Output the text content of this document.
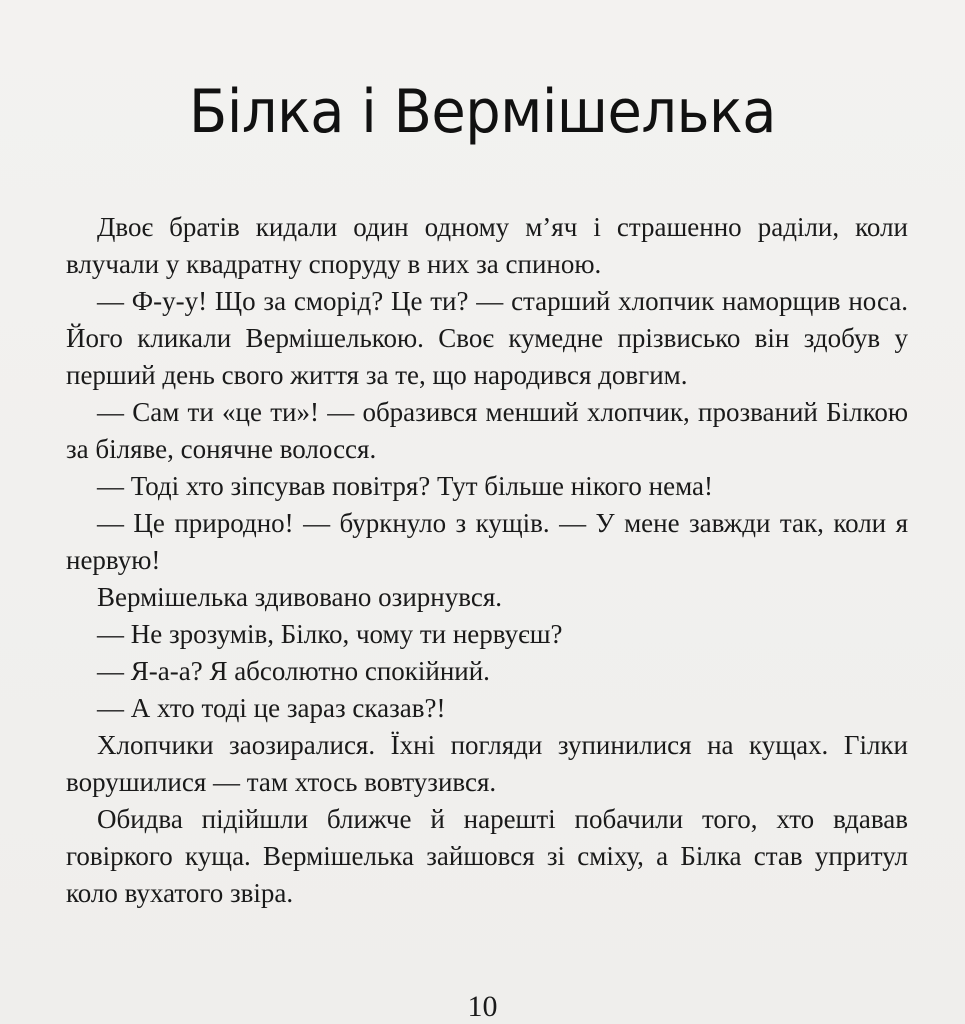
Білка і Вермішелька

Двоє братів кидали один одному м’яч і страшенно раділи, коли влучали у квадратну споруду в них за спиною.

— Ф-у-у! Що за сморід? Це ти? — старший хлопчик наморщив носа. Його кликали Вермішелькою. Своє кумедне прізвисько він здобув у перший день свого життя за те, що народився довгим.

— Сам ти «це ти»! — образився менший хлопчик, прозваний Білкою за біляве, сонячне волосся.

— Тоді хто зіпсував повітря? Тут більше нікого нема!

— Це природно! — буркнуло з кущів. — У мене завжди так, коли я нервую!

Вермішелька здивовано озирнувся.

— Не зрозумів, Білко, чому ти нервуєш?

— Я-а-а? Я абсолютно спокійний.

— А хто тоді це зараз сказав?!

Хлопчики заозиралися. Їхні погляди зупинилися на кущах. Гілки ворушилися — там хтось вовтузився.

Обидва підійшли ближче й нарешті побачили того, хто вдавав говіркого куща. Вермішелька зайшовся зі сміху, а Білка став упритул коло вухатого звіра.

10
